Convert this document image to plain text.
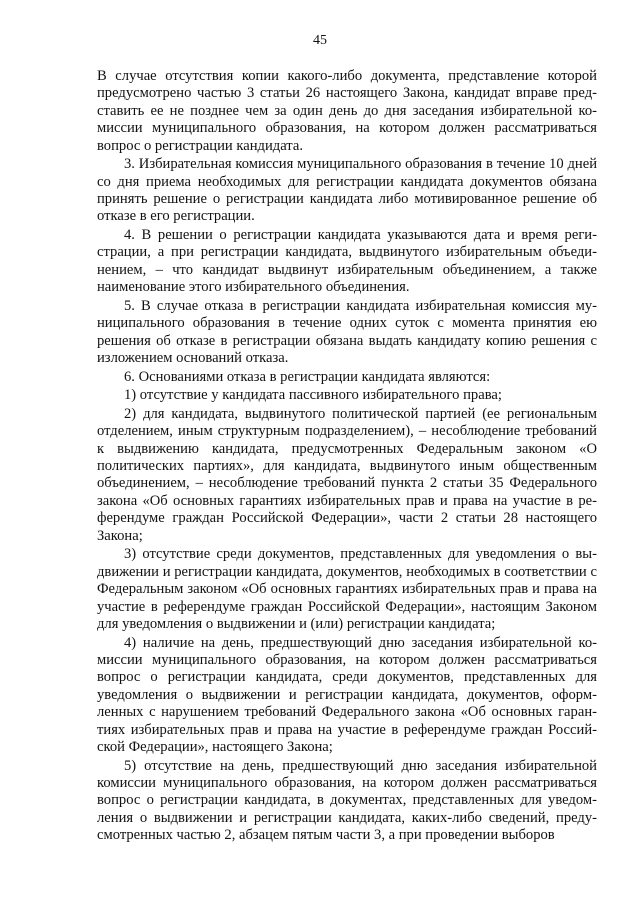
45

В случае отсутствия копии какого-либо документа, представление которой предусмотрено частью 3 статьи 26 настоящего Закона, кандидат вправе представить ее не позднее чем за один день до дня заседания избирательной комиссии муниципального образования, на котором должен рассматриваться вопрос о регистрации кандидата.

3. Избирательная комиссия муниципального образования в течение 10 дней со дня приема необходимых для регистрации кандидата документов обязана принять решение о регистрации кандидата либо мотивированное решение об отказе в его регистрации.

4. В решении о регистрации кандидата указываются дата и время регистрации, а при регистрации кандидата, выдвинутого избирательным объединением, – что кандидат выдвинут избирательным объединением, а также наименование этого избирательного объединения.

5. В случае отказа в регистрации кандидата избирательная комиссия муниципального образования в течение одних суток с момента принятия ею решения об отказе в регистрации обязана выдать кандидату копию решения с изложением оснований отказа.

6. Основаниями отказа в регистрации кандидата являются:

1) отсутствие у кандидата пассивного избирательного права;

2) для кандидата, выдвинутого политической партией (ее региональным отделением, иным структурным подразделением), – несоблюдение требований к выдвижению кандидата, предусмотренных Федеральным законом «О политических партиях», для кандидата, выдвинутого иным общественным объединением, – несоблюдение требований пункта 2 статьи 35 Федерального закона «Об основных гарантиях избирательных прав и права на участие в референдуме граждан Российской Федерации», части 2 статьи 28 настоящего Закона;

3) отсутствие среди документов, представленных для уведомления о выдвижении и регистрации кандидата, документов, необходимых в соответствии с Федеральным законом «Об основных гарантиях избирательных прав и права на участие в референдуме граждан Российской Федерации», настоящим Законом для уведомления о выдвижении и (или) регистрации кандидата;

4) наличие на день, предшествующий дню заседания избирательной комиссии муниципального образования, на котором должен рассматриваться вопрос о регистрации кандидата, среди документов, представленных для уведомления о выдвижении и регистрации кандидата, документов, оформленных с нарушением требований Федерального закона «Об основных гарантиях избирательных прав и права на участие в референдуме граждан Российской Федерации», настоящего Закона;

5) отсутствие на день, предшествующий дню заседания избирательной комиссии муниципального образования, на котором должен рассматриваться вопрос о регистрации кандидата, в документах, представленных для уведомления о выдвижении и регистрации кандидата, каких-либо сведений, предусмотренных частью 2, абзацем пятым части 3, а при проведении выборов
